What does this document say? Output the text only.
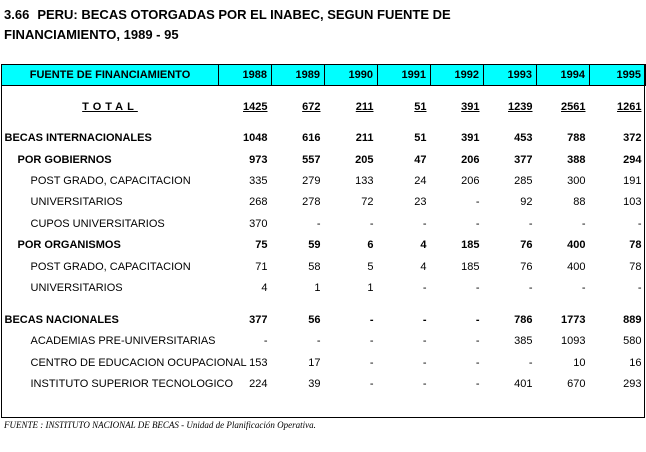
3.66 PERU: BECAS OTORGADAS POR EL INABEC, SEGUN FUENTE DE
FINANCIAMIENTO, 1989 - 95
FUENTE DE FINANCIAMIENTO	1988	1989	1990	1991	1992	1993	1994	1995

TOTAL	1425	672	211	51	391	1239	2561	1261

BECAS INTERNACIONALES	1048	616	211	51	391	453	788	372
POR GOBIERNOS	973	557	205	47	206	377	388	294
POST GRADO, CAPACITACION	335	279	133	24	206	285	300	191
UNIVERSITARIOS	268	278	72	23	-	92	88	103
CUPOS UNIVERSITARIOS	370	-	-	-	-	-	-	-
POR ORGANISMOS	75	59	6	4	185	76	400	78
POST GRADO, CAPACITACION	71	58	5	4	185	76	400	78
UNIVERSITARIOS	4	1	1	-	-	-	-	-

BECAS NACIONALES	377	56	-	-	-	786	1773	889
ACADEMIAS PRE-UNIVERSITARIAS	-	-	-	-	-	385	1093	580
CENTRO DE EDUCACION OCUPACIONAL	153	17	-	-	-	-	10	16
INSTITUTO SUPERIOR TECNOLOGICO	224	39	-	-	-	401	670	293
FUENTE : INSTITUTO NACIONAL DE BECAS - Unidad de Planificación Operativa.
